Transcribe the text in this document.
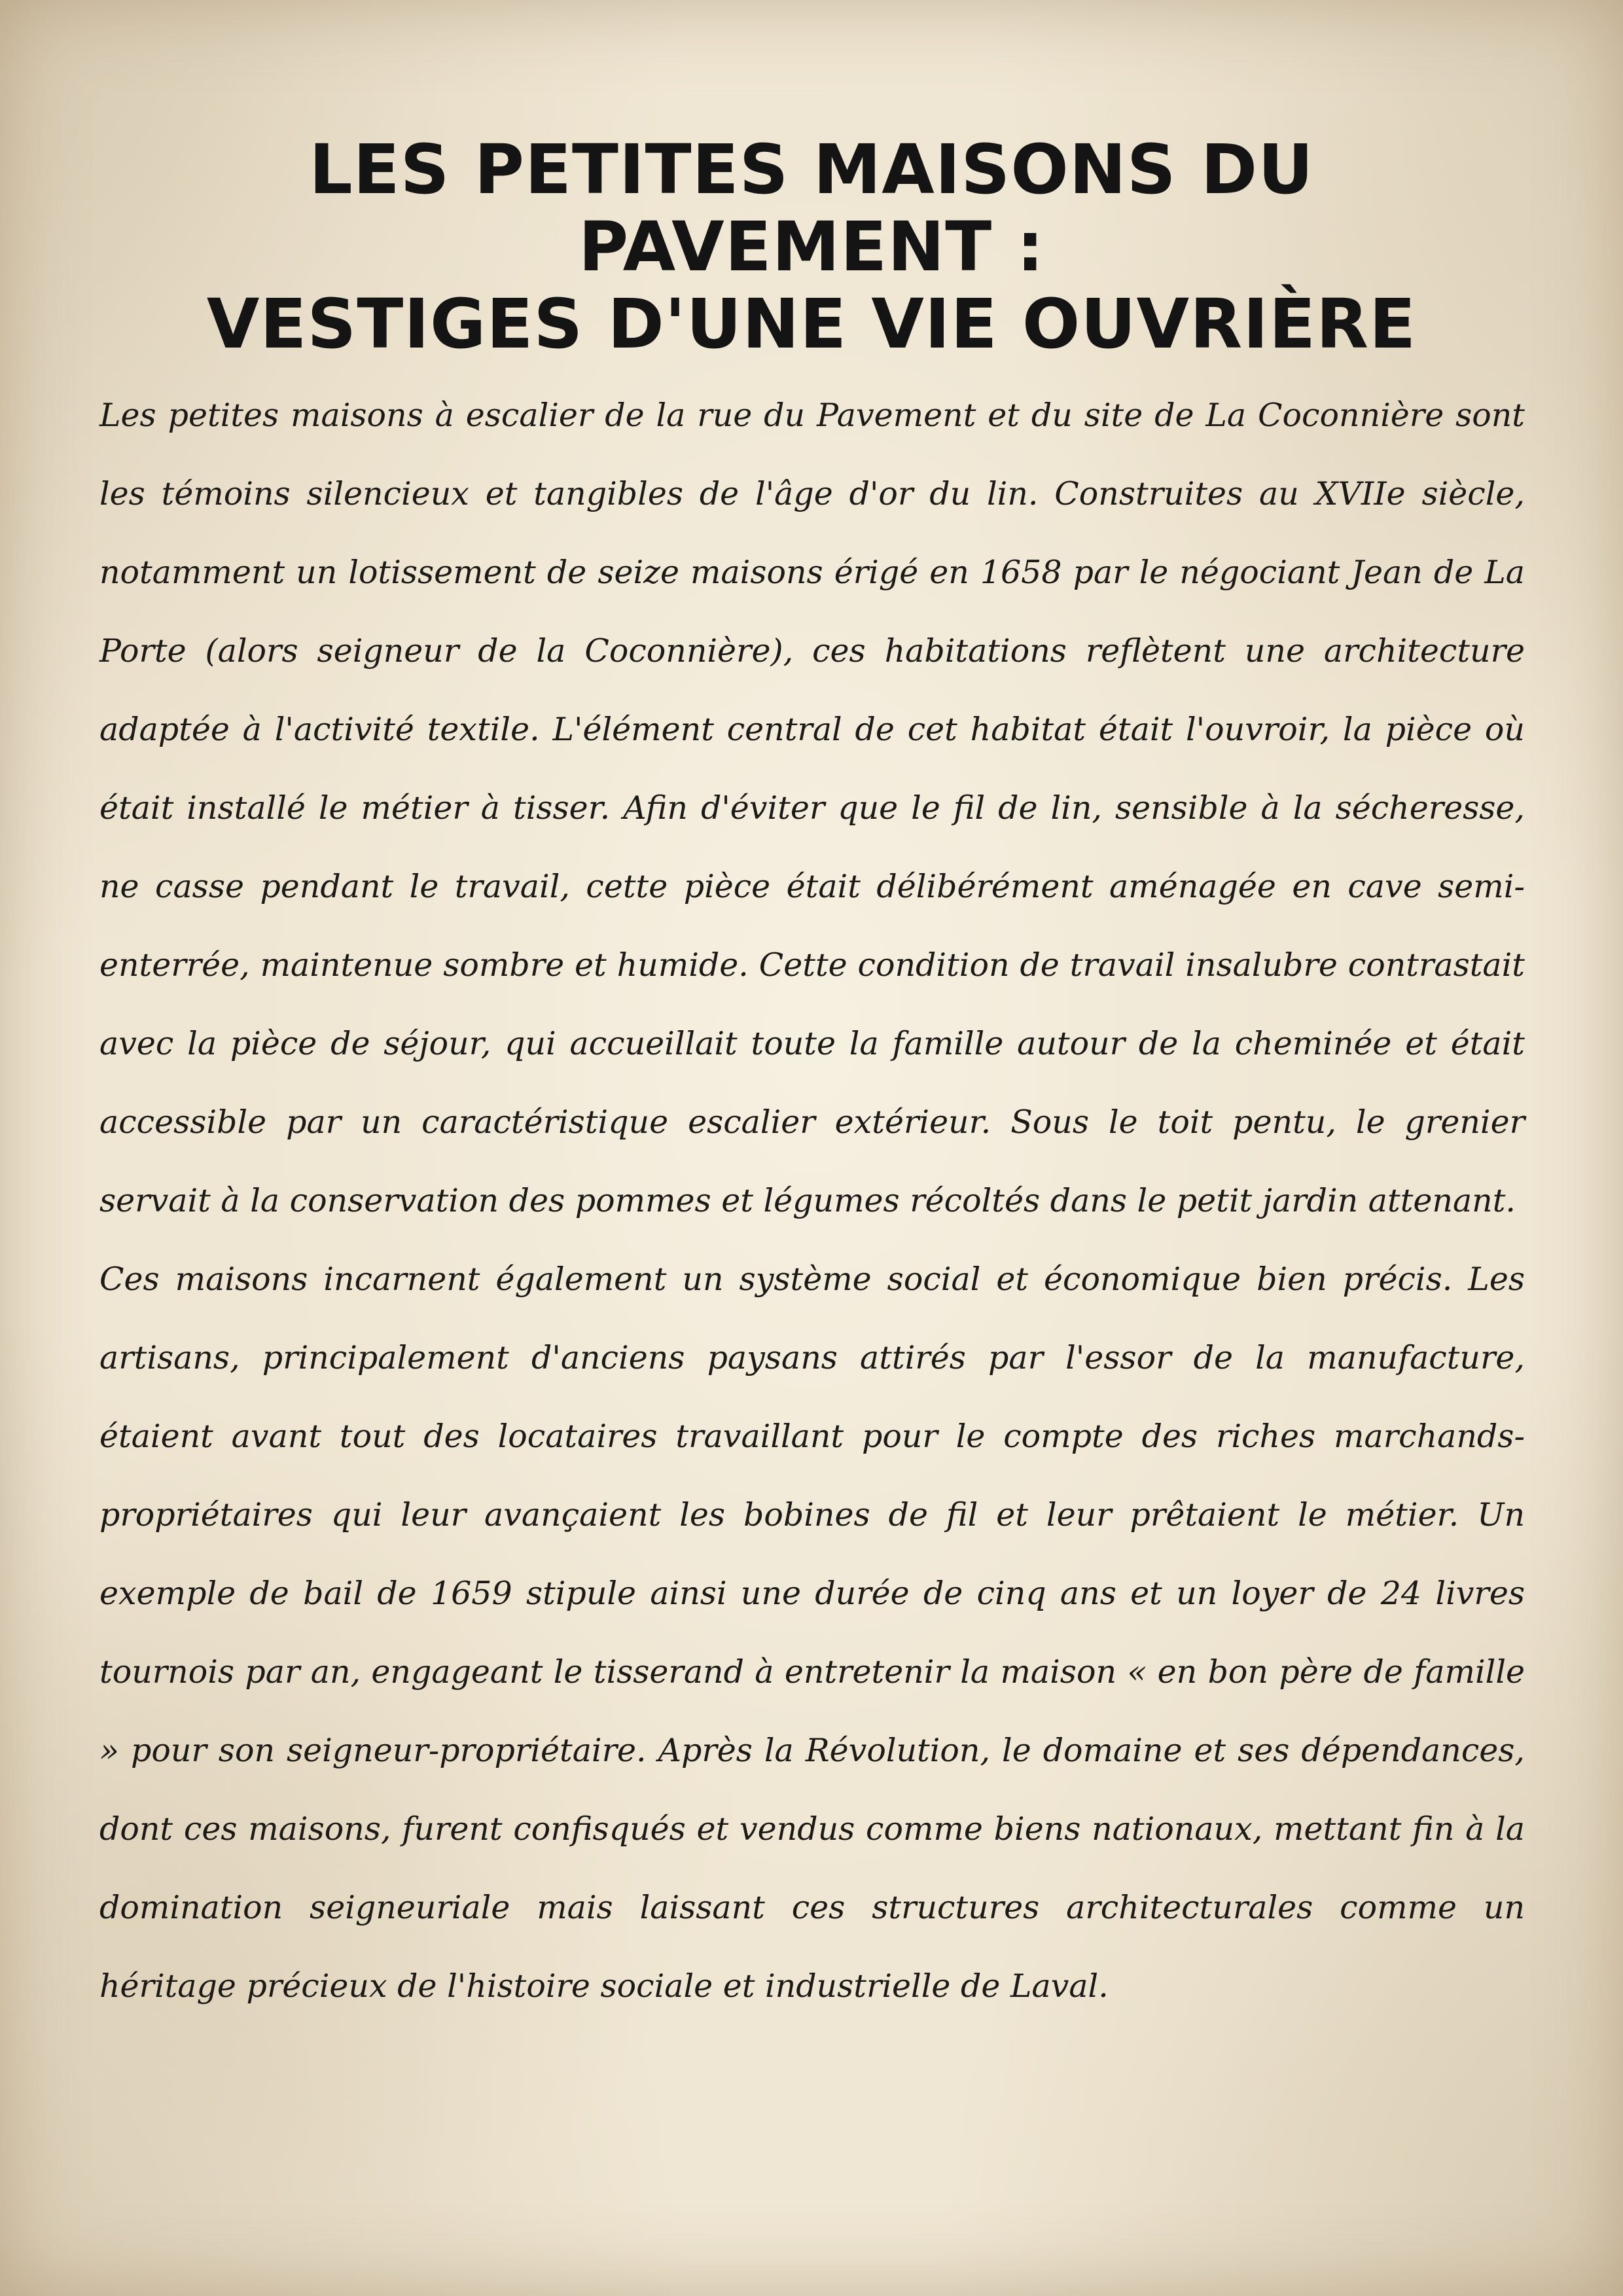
LES PETITES MAISONS DU PAVEMENT :
VESTIGES D'UNE VIE OUVRIÈRE

Les petites maisons à escalier de la rue du Pavement et du site de La Coconnière sont les témoins silencieux et tangibles de l'âge d'or du lin. Construites au XVIIe siècle, notamment un lotissement de seize maisons érigé en 1658 par le négociant Jean de La Porte (alors seigneur de la Coconnière), ces habitations reflètent une architecture adaptée à l'activité textile. L'élément central de cet habitat était l'ouvroir, la pièce où était installé le métier à tisser. Afin d'éviter que le fil de lin, sensible à la sécheresse, ne casse pendant le travail, cette pièce était délibérément aménagée en cave semi-enterrée, maintenue sombre et humide. Cette condition de travail insalubre contrastait avec la pièce de séjour, qui accueillait toute la famille autour de la cheminée et était accessible par un caractéristique escalier extérieur. Sous le toit pentu, le grenier servait à la conservation des pommes et légumes récoltés dans le petit jardin attenant.

Ces maisons incarnent également un système social et économique bien précis. Les artisans, principalement d'anciens paysans attirés par l'essor de la manufacture, étaient avant tout des locataires travaillant pour le compte des riches marchands-propriétaires qui leur avançaient les bobines de fil et leur prêtaient le métier. Un exemple de bail de 1659 stipule ainsi une durée de cinq ans et un loyer de 24 livres tournois par an, engageant le tisserand à entretenir la maison « en bon père de famille » pour son seigneur-propriétaire. Après la Révolution, le domaine et ses dépendances, dont ces maisons, furent confisqués et vendus comme biens nationaux, mettant fin à la domination seigneuriale mais laissant ces structures architecturales comme un héritage précieux de l'histoire sociale et industrielle de Laval.
